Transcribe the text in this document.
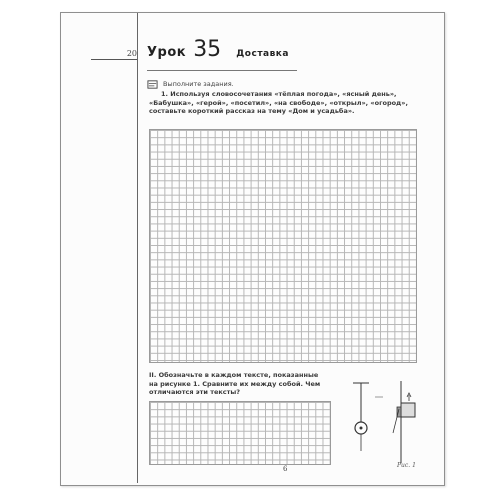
20 Урок 35 Доставка
Выполните задания.
1. Используя словосочетания «тёплая погода», «ясный день», «Бабушка», «герой», «посетил», «на свободе», «открыл», «огород», составьте короткий рассказ на тему «Дом и усадьба».
II. Обозначьте в каждом тексте, показанные на рисунке 1. Сравните их между собой. Чем отличаются эти тексты?
Рис. 1
6
